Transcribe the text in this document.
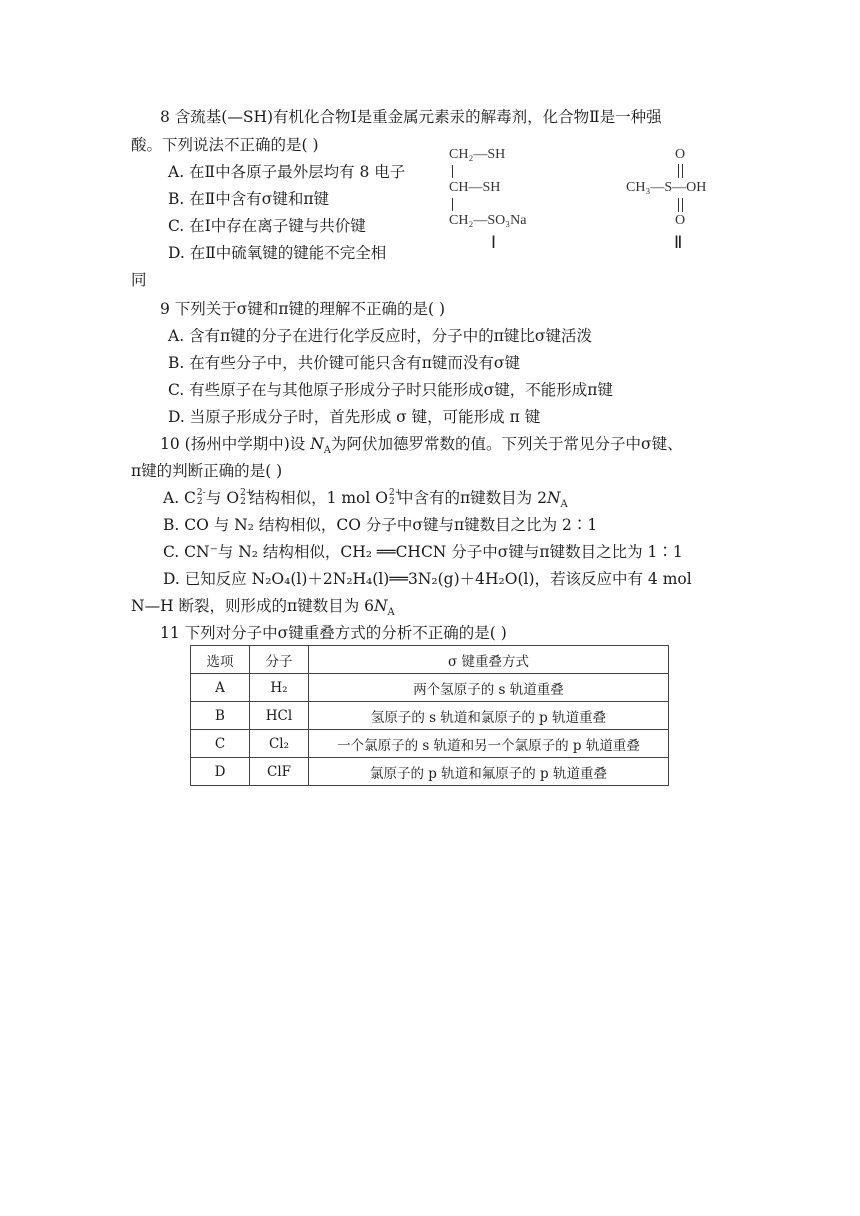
8 含巯基(—SH)有机化合物Ⅰ是重金属元素汞的解毒剂，化合物Ⅱ是一种强
酸。下列说法不正确的是( )
A. 在Ⅱ中各原子最外层均有 8 电子
B. 在Ⅱ中含有σ键和π键
C. 在Ⅰ中存在离子键与共价键
D. 在Ⅱ中硫氧键的键能不完全相
同
CH₂—SH
CH—SH
CH₂—SO₃Na
Ⅰ
O
CH₃—S—OH
O
Ⅱ
9 下列关于σ键和π键的理解不正确的是( )
A. 含有π键的分子在进行化学反应时，分子中的π键比σ键活泼
B. 在有些分子中，共价键可能只含有π键而没有σ键
C. 有些原子在与其他原子形成分子时只能形成σ键，不能形成π键
D. 当原子形成分子时，首先形成 σ 键，可能形成 π 键
10 (扬州中学期中)设 $N_A$为阿伏加德罗常数的值。下列关于常见分子中σ键、
π键的判断正确的是( )
A. C 2-
2 与 O 2+
2 结构相似，1 mol O 2+
2 中含有的π键数目为 $2N_A$
B. CO 与 N₂ 结构相似，CO 分子中σ键与π键数目之比为 2∶1
C. CN⁻与 N₂ 结构相似，CH₂ ══CHCN 分子中σ键与π键数目之比为 1∶1
D. 已知反应 N₂O₄(l)＋2N₂H₄(l)══3N₂(g)＋4H₂O(l)，若该反应中有 4 mol
N—H 断裂，则形成的π键数目为 $6N_A$
11 下列对分子中σ键重叠方式的分析不正确的是( )
选项	分子	σ 键重叠方式
A	H₂	两个氢原子的 s 轨道重叠
B	HCl	氢原子的 s 轨道和氯原子的 p 轨道重叠
C	Cl₂	一个氯原子的 s 轨道和另一个氯原子的 p 轨道重叠
D	ClF	氯原子的 p 轨道和氟原子的 p 轨道重叠
